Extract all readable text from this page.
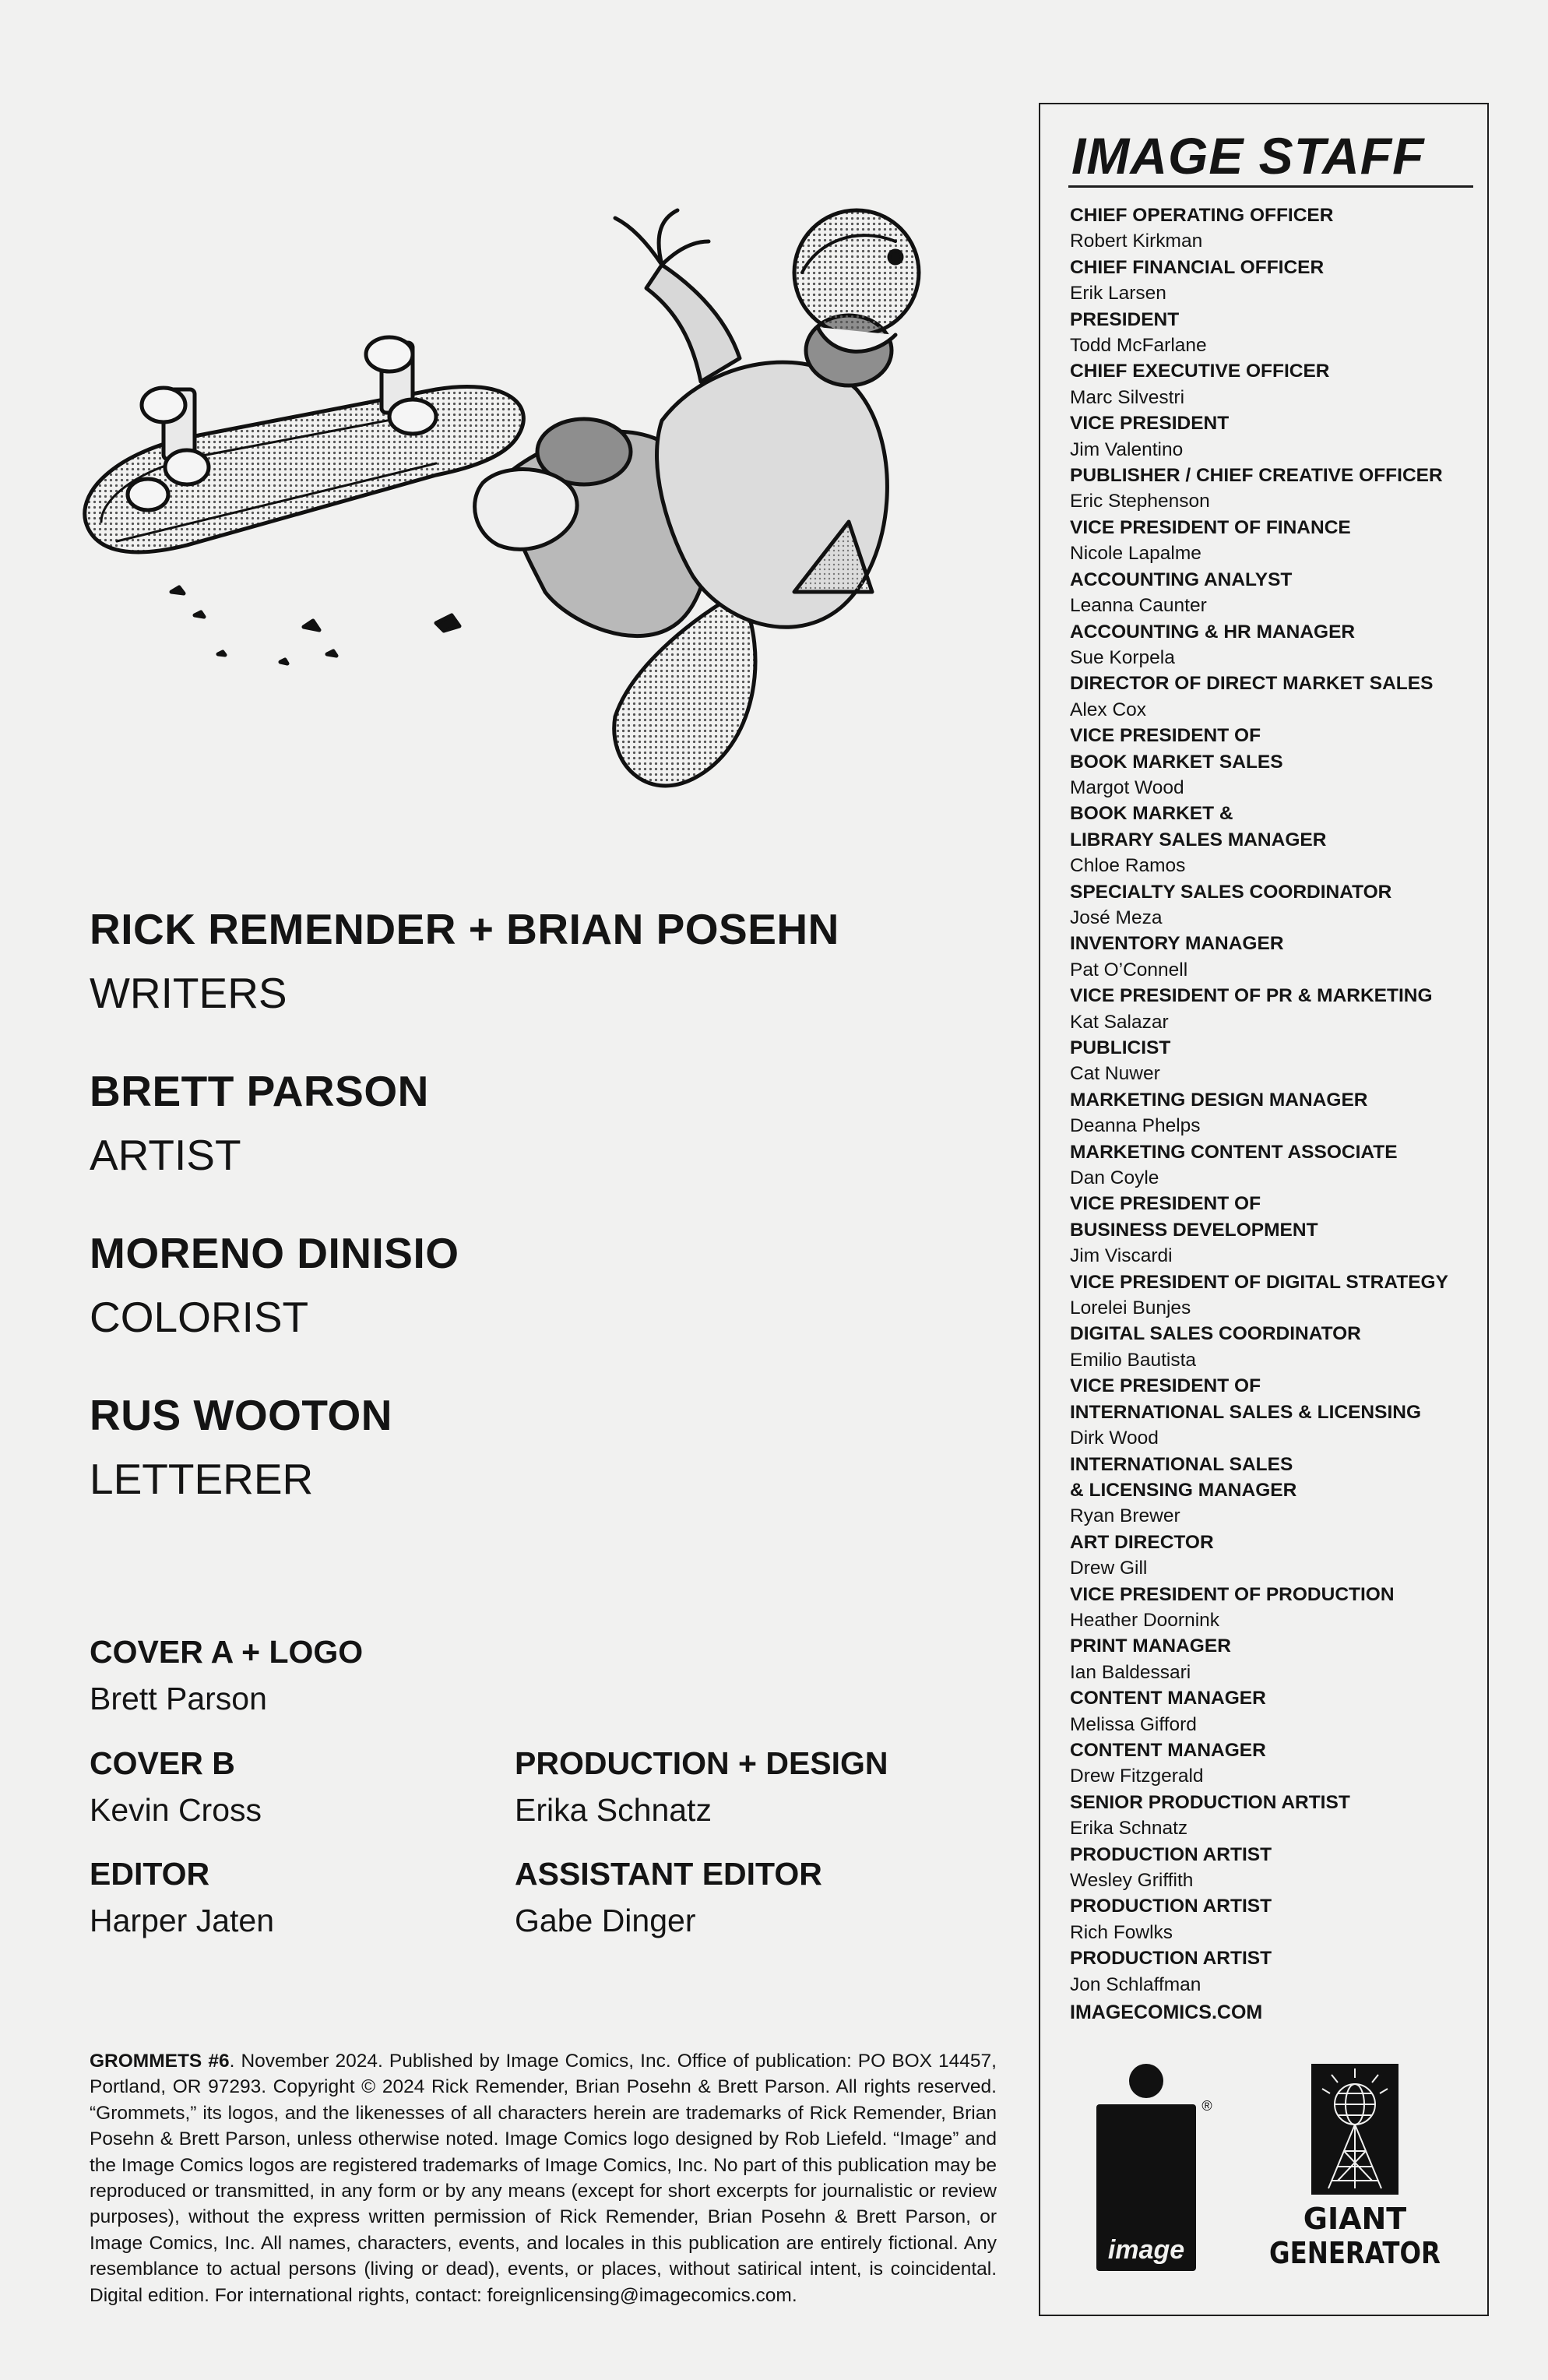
RICK REMENDER + BRIAN POSEHN
WRITERS
BRETT PARSON
ARTIST
MORENO DINISIO
COLORIST
RUS WOOTON
LETTERER
COVER A + LOGO
Brett Parson
COVER B
Kevin Cross
PRODUCTION + DESIGN
Erika Schnatz
EDITOR
Harper Jaten
ASSISTANT EDITOR
Gabe Dinger
GROMMETS #6. November 2024. Published by Image Comics, Inc. Office of publication: PO BOX 14457, Portland, OR 97293. Copyright © 2024 Rick Remender, Brian Posehn & Brett Parson. All rights reserved. “Grommets,” its logos, and the likenesses of all characters herein are trademarks of Rick Remender, Brian Posehn & Brett Parson, unless otherwise noted. Image Comics logo designed by Rob Liefeld. “Image” and the Image Comics logos are registered trademarks of Image Comics, Inc. No part of this publication may be reproduced or transmitted, in any form or by any means (except for short excerpts for journalistic or review purposes), without the express written permission of Rick Remender, Brian Posehn & Brett Parson, or Image Comics, Inc. All names, characters, events, and locales in this publication are entirely fictional. Any resemblance to actual persons (living or dead), events, or places, without satirical intent, is coincidental. Digital edition. For international rights, contact: foreignlicensing@imagecomics.com.
IMAGE STAFF
CHIEF OPERATING OFFICER
Robert Kirkman
CHIEF FINANCIAL OFFICER
Erik Larsen
PRESIDENT
Todd McFarlane
CHIEF EXECUTIVE OFFICER
Marc Silvestri
VICE PRESIDENT
Jim Valentino
PUBLISHER / CHIEF CREATIVE OFFICER
Eric Stephenson
VICE PRESIDENT OF FINANCE
Nicole Lapalme
ACCOUNTING ANALYST
Leanna Caunter
ACCOUNTING & HR MANAGER
Sue Korpela
DIRECTOR OF DIRECT MARKET SALES
Alex Cox
VICE PRESIDENT OF
BOOK MARKET SALES
Margot Wood
BOOK MARKET &
LIBRARY SALES MANAGER
Chloe Ramos
SPECIALTY SALES COORDINATOR
José Meza
INVENTORY MANAGER
Pat O’Connell
VICE PRESIDENT OF PR & MARKETING
Kat Salazar
PUBLICIST
Cat Nuwer
MARKETING DESIGN MANAGER
Deanna Phelps
MARKETING CONTENT ASSOCIATE
Dan Coyle
VICE PRESIDENT OF
BUSINESS DEVELOPMENT
Jim Viscardi
VICE PRESIDENT OF DIGITAL STRATEGY
Lorelei Bunjes
DIGITAL SALES COORDINATOR
Emilio Bautista
VICE PRESIDENT OF
INTERNATIONAL SALES & LICENSING
Dirk Wood
INTERNATIONAL SALES
& LICENSING MANAGER
Ryan Brewer
ART DIRECTOR
Drew Gill
VICE PRESIDENT OF PRODUCTION
Heather Doornink
PRINT MANAGER
Ian Baldessari
CONTENT MANAGER
Melissa Gifford
CONTENT MANAGER
Drew Fitzgerald
SENIOR PRODUCTION ARTIST
Erika Schnatz
PRODUCTION ARTIST
Wesley Griffith
PRODUCTION ARTIST
Rich Fowlks
PRODUCTION ARTIST
Jon Schlaffman
IMAGECOMICS.COM
image
®
GIANT
GENERATOR
